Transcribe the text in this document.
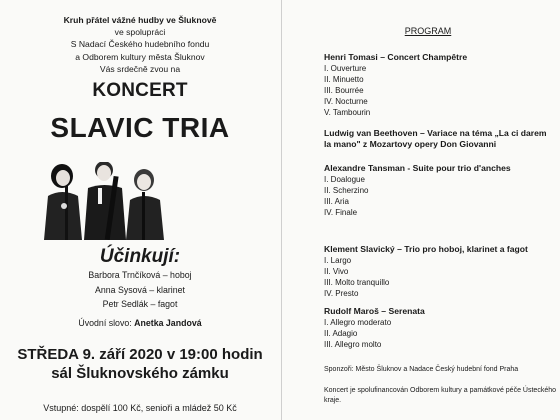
Kruh přátel vážné hudby ve Šluknově
ve spolupráci
S Nadací Českého hudebního fondu
a Odborem kultury města Šluknov
Vás srdečně zvou na
KONCERT
SLAVIC TRIA
Účinkují:
Barbora Trnčíková – hoboj
Anna Sysová – klarinet
Petr Sedlák – fagot
Úvodní slovo: Anetka Jandová
STŘEDA 9. září 2020 v 19:00 hodin
sál Šluknovského zámku
Vstupné: dospělí 100 Kč, senioři a mládež 50 Kč
PROGRAM
Henri Tomasi – Concert Champêtre
I. Ouverture
II. Minuetto
III. Bourrée
IV. Nocturne
V. Tambourin
Ludwig van Beethoven – Variace na téma „La ci darem la mano" z Mozartovy opery Don Giovanni
Alexandre Tansman - Suite pour trio d'anches
I. Doalogue
II. Scherzino
III. Aria
IV. Finale
Klement Slavický – Trio pro hoboj, klarinet a fagot
I. Largo
II. Vivo
III. Molto tranquillo
IV. Presto
Rudolf Maroš – Serenata
I. Allegro moderato
II. Adagio
III. Allegro molto
Sponzoři: Město Šluknov a Nadace Český hudební fond Praha
Koncert je spolufinancován Odborem kultury a památkové péče Ústeckého kraje.
